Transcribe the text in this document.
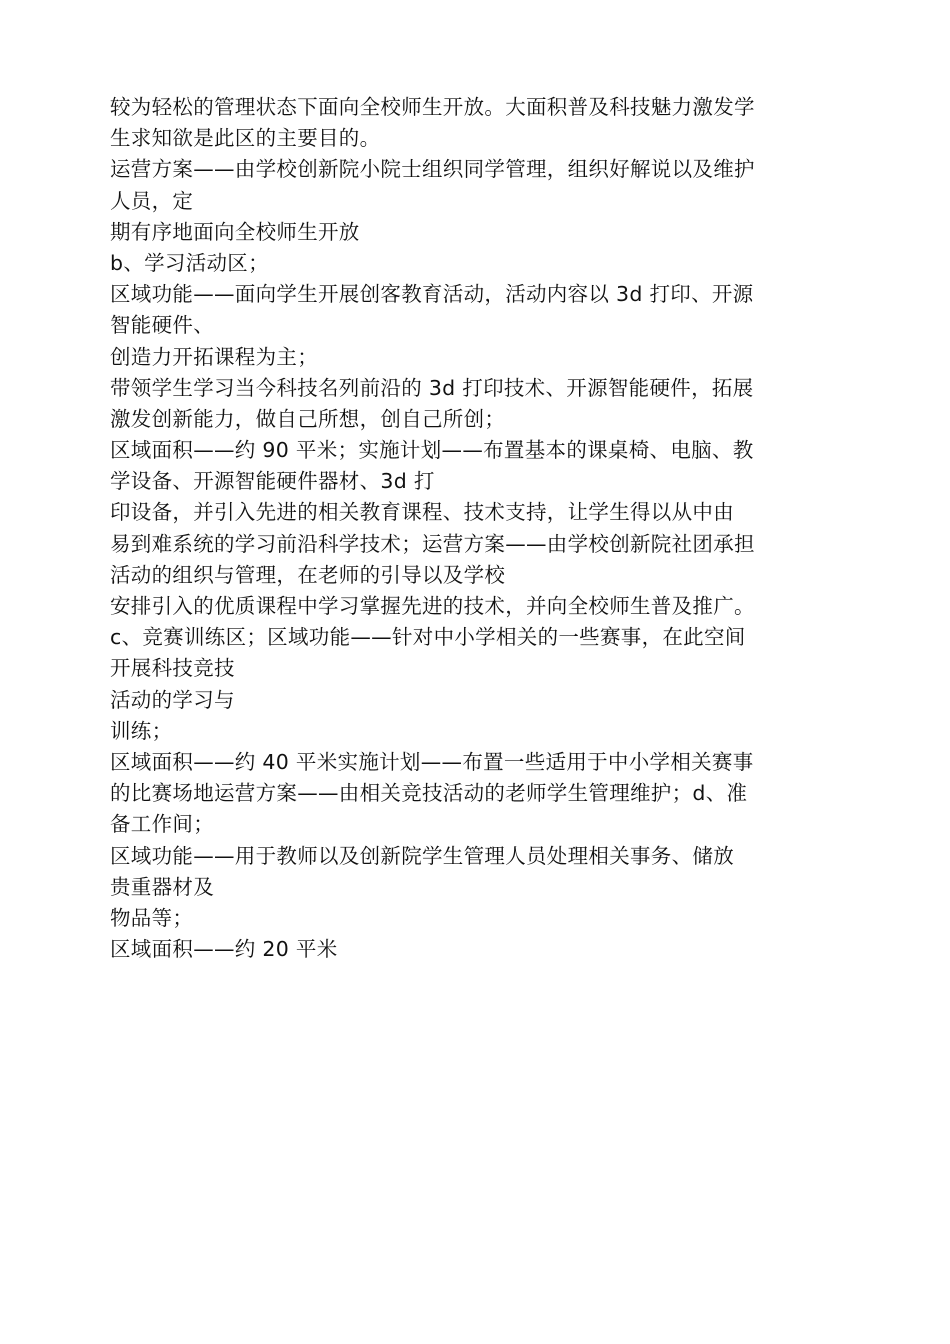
较为轻松的管理状态下面向全校师生开放。大面积普及科技魅力激发学
生求知欲是此区的主要目的。
运营方案——由学校创新院小院士组织同学管理，组织好解说以及维护
人员，定
期有序地面向全校师生开放
b、学习活动区；
区域功能——面向学生开展创客教育活动，活动内容以 3d 打印、开源
智能硬件、
创造力开拓课程为主；
带领学生学习当今科技名列前沿的 3d 打印技术、开源智能硬件，拓展
激发创新能力，做自己所想，创自己所创；
区域面积——约 90 平米；实施计划——布置基本的课桌椅、电脑、教
学设备、开源智能硬件器材、3d 打
印设备，并引入先进的相关教育课程、技术支持，让学生得以从中由
易到难系统的学习前沿科学技术；运营方案——由学校创新院社团承担
活动的组织与管理，在老师的引导以及学校
安排引入的优质课程中学习掌握先进的技术，并向全校师生普及推广。
c、竞赛训练区；区域功能——针对中小学相关的一些赛事，在此空间
开展科技竞技
活动的学习与
训练；
区域面积——约 40 平米实施计划——布置一些适用于中小学相关赛事
的比赛场地运营方案——由相关竞技活动的老师学生管理维护；d、准
备工作间；
区域功能——用于教师以及创新院学生管理人员处理相关事务、储放
贵重器材及
物品等；
区域面积——约 20 平米
